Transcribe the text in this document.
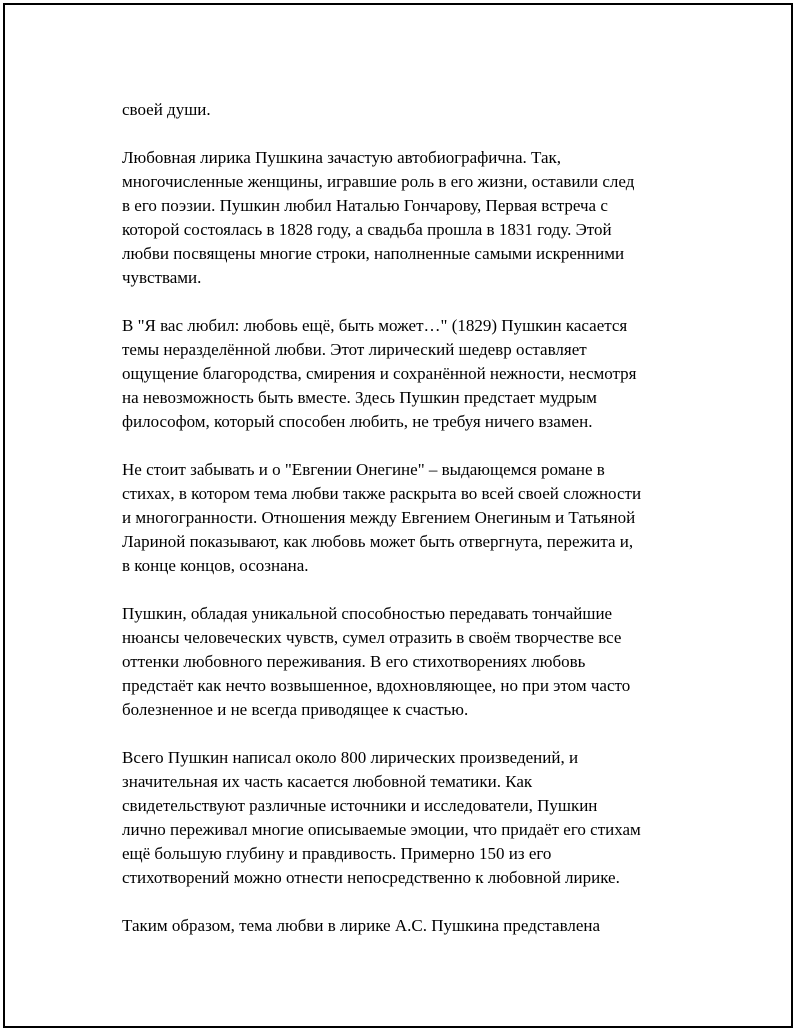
своей души.

Любовная лирика Пушкина зачастую автобиографична. Так,
многочисленные женщины, игравшие роль в его жизни, оставили след
в его поэзии. Пушкин любил Наталью Гончарову, Первая встреча с
которой состоялась в 1828 году, а свадьба прошла в 1831 году. Этой
любви посвящены многие строки, наполненные самыми искренними
чувствами.

В "Я вас любил: любовь ещё, быть может…" (1829) Пушкин касается
темы неразделённой любви. Этот лирический шедевр оставляет
ощущение благородства, смирения и сохранённой нежности, несмотря
на невозможность быть вместе. Здесь Пушкин предстает мудрым
философом, который способен любить, не требуя ничего взамен.

Не стоит забывать и о "Евгении Онегине" – выдающемся романе в
стихах, в котором тема любви также раскрыта во всей своей сложности
и многогранности. Отношения между Евгением Онегиным и Татьяной
Лариной показывают, как любовь может быть отвергнута, пережита и,
в конце концов, осознана.

Пушкин, обладая уникальной способностью передавать тончайшие
нюансы человеческих чувств, сумел отразить в своём творчестве все
оттенки любовного переживания. В его стихотворениях любовь
предстаёт как нечто возвышенное, вдохновляющее, но при этом часто
болезненное и не всегда приводящее к счастью.

Всего Пушкин написал около 800 лирических произведений, и
значительная их часть касается любовной тематики. Как
свидетельствуют различные источники и исследователи, Пушкин
лично переживал многие описываемые эмоции, что придаёт его стихам
ещё большую глубину и правдивость. Примерно 150 из его
стихотворений можно отнести непосредственно к любовной лирике.

Таким образом, тема любви в лирике А.С. Пушкина представлена
